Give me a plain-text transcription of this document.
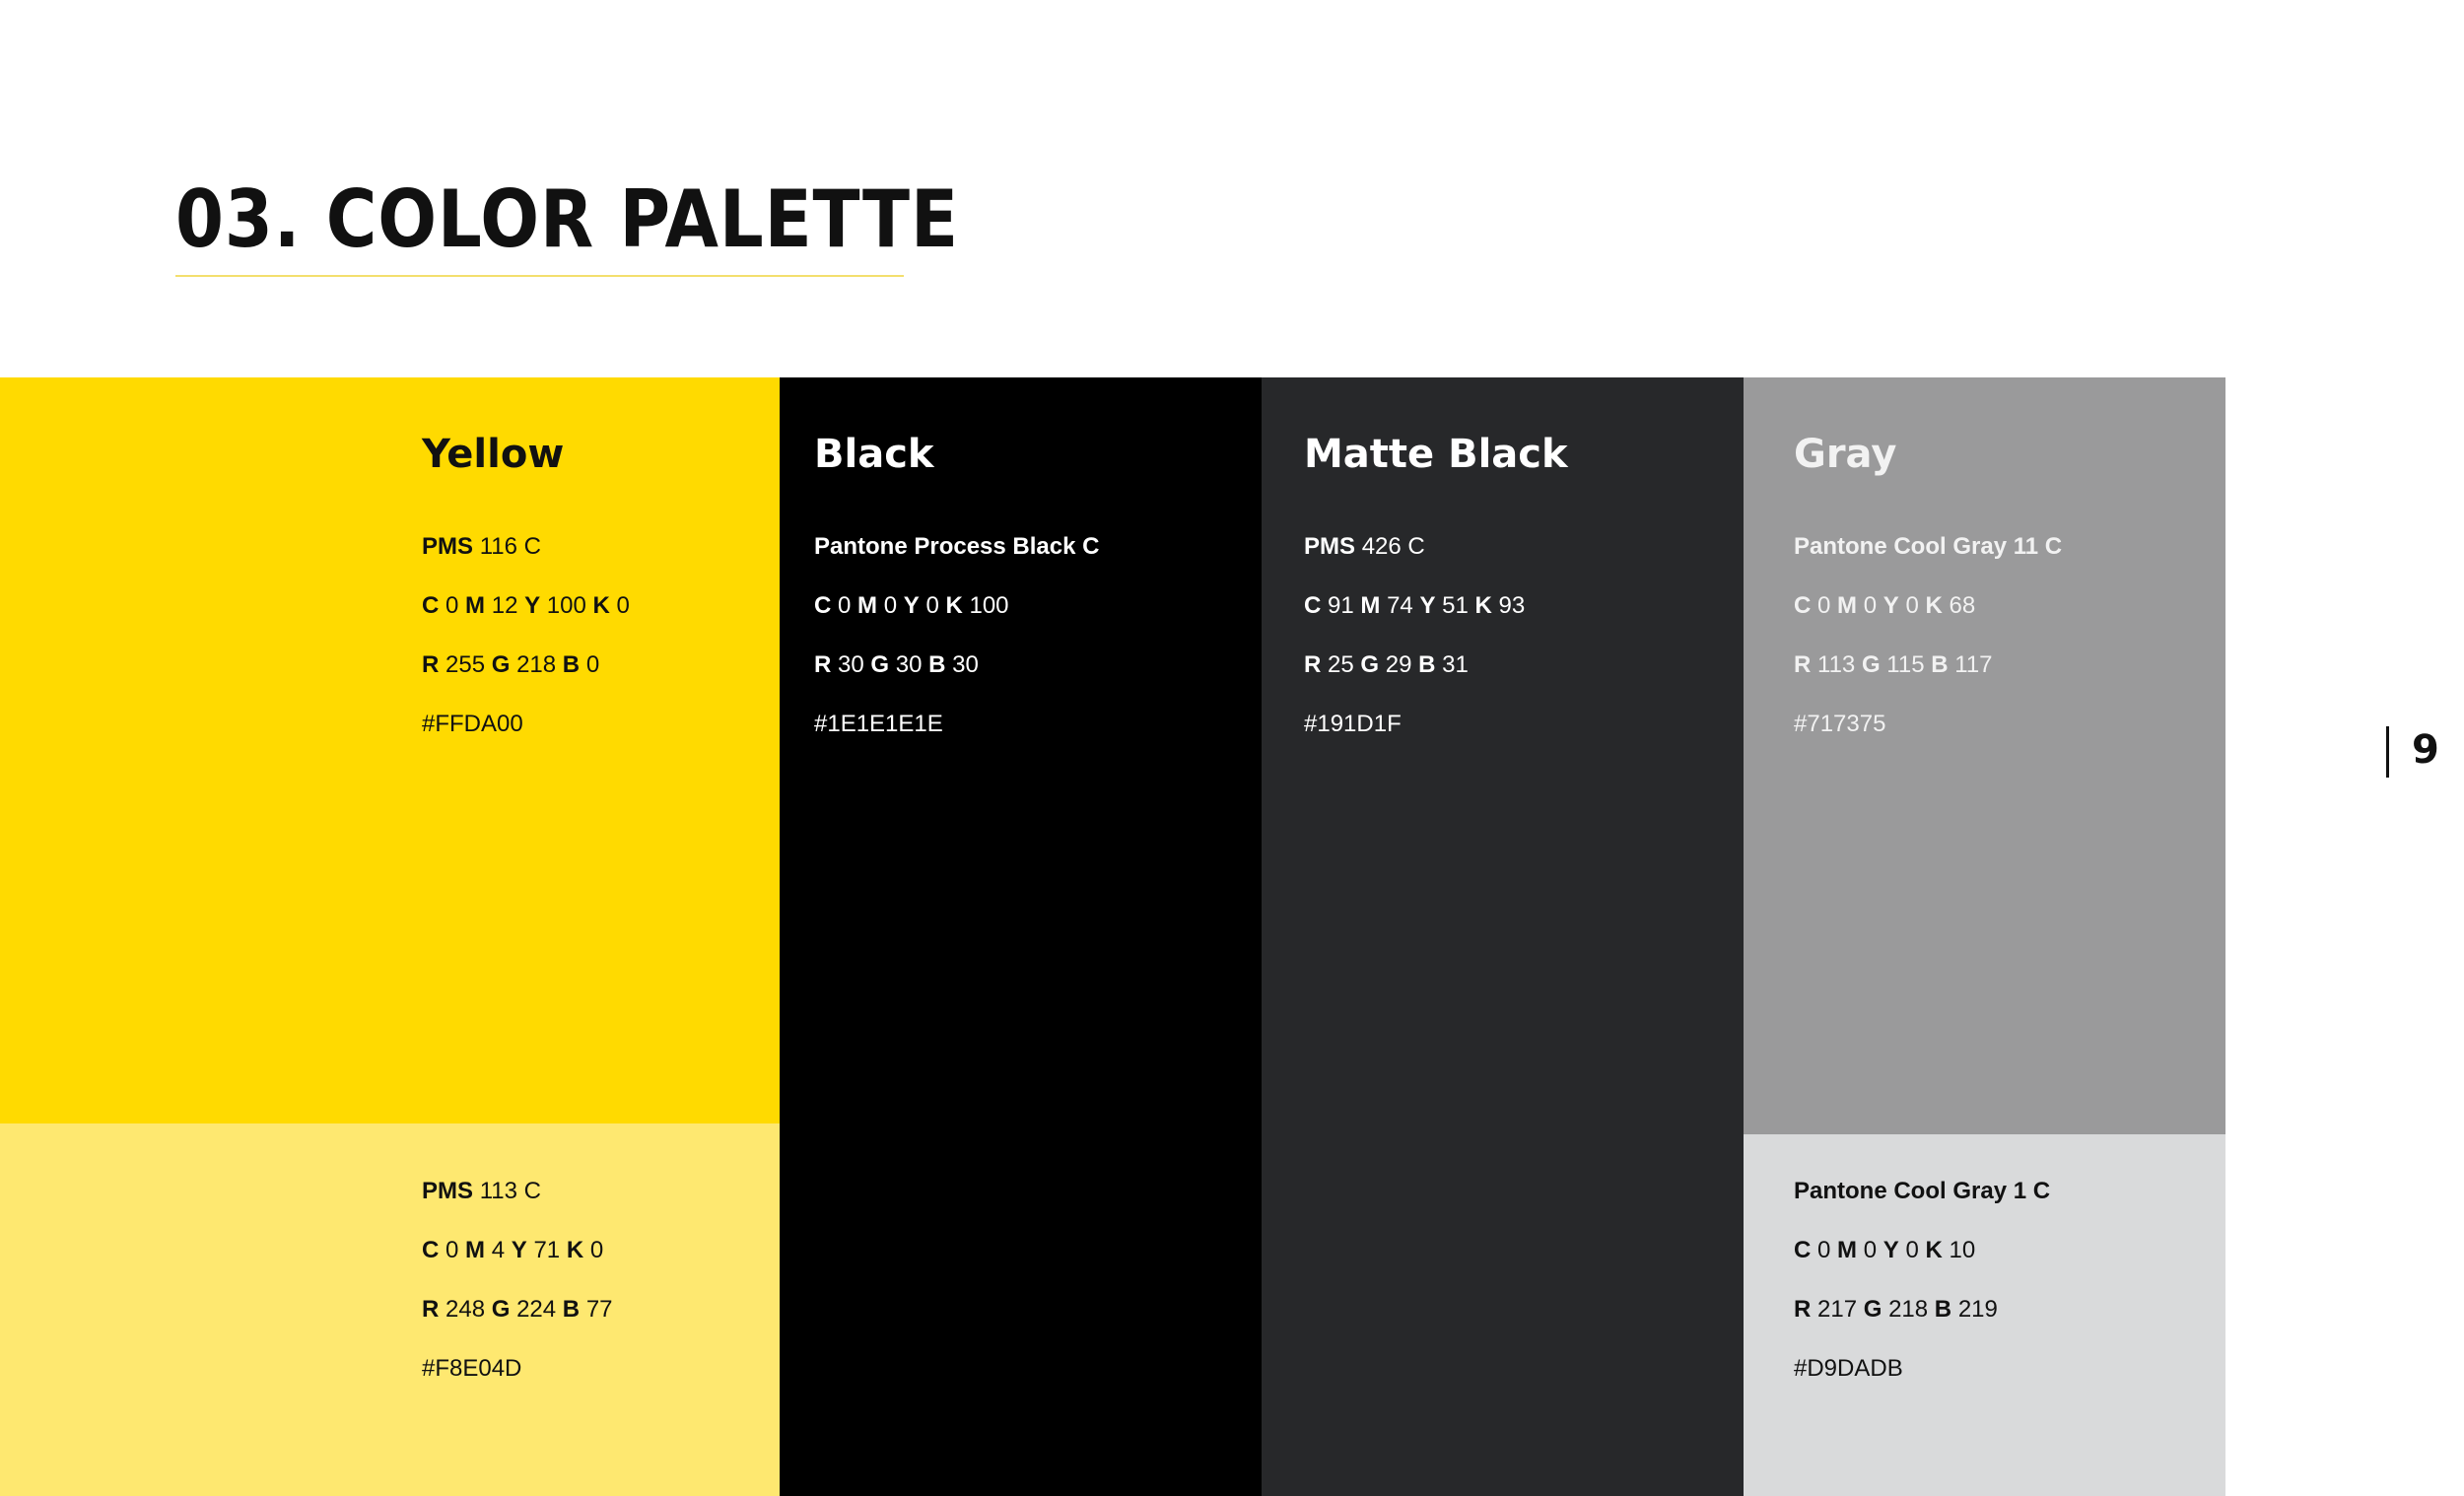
03. COLOR PALETTE
Yellow
PMS 116 C
C 0 M 12 Y 100 K 0
R 255 G 218 B 0
#FFDA00
PMS 113 C
C 0 M 4 Y 71 K 0
R 248 G 224 B 77
#F8E04D
Black
Pantone Process Black C
C 0 M 0 Y 0 K 100
R 30 G 30 B 30
#1E1E1E1E
Matte Black
PMS 426 C
C 91 M 74 Y 51 K 93
R 25 G 29 B 31
#191D1F
Gray
Pantone Cool Gray 11 C
C 0 M 0 Y 0 K 68
R 113 G 115 B 117
#717375
Pantone Cool Gray 1 C
C 0 M 0 Y 0 K 10
R 217 G 218 B 219
#D9DADB
9
